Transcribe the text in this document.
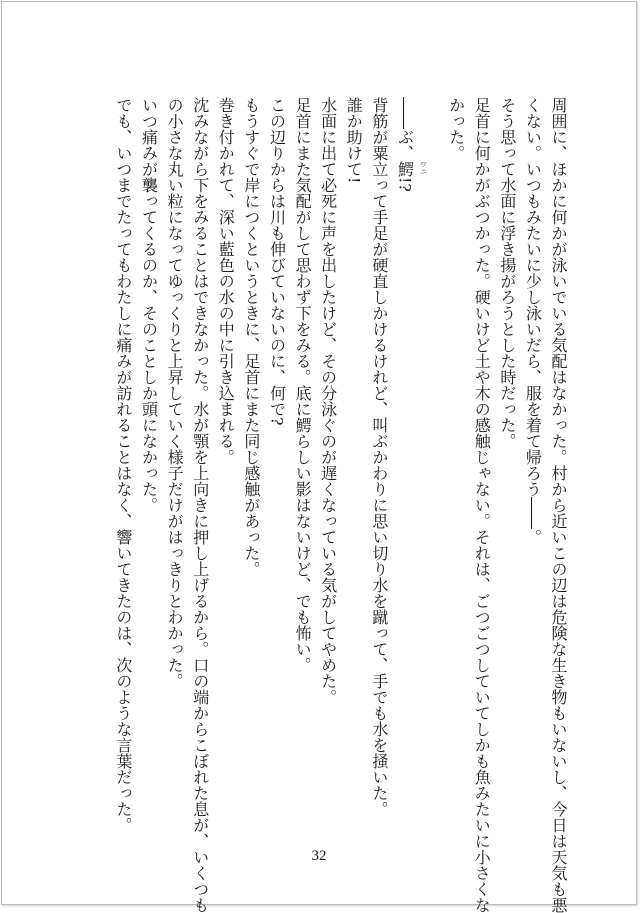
周囲に、ほかに何かが泳いでいる気配はなかった。村から近いこの辺は危険な生き物もいないし、今日は天気も悪
くない。いつもみたいに少し泳いだら、服を着て帰ろう――。
そう思って水面に浮き揚がろうとした時だった。
足首に何かがぶつかった。硬いけど土や木の感触じゃない。それは、ごつごつしていてしかも魚みたいに小さくな
かった。
――ぶ、鰐 ワニ
!?
背筋が粟立って手足が硬直しかけるけれど、叫ぶかわりに思い切り水を蹴って、手でも水を掻いた。
誰か助けて!
水面に出て必死に声を出したけど、その分泳ぐのが遅くなっている気がしてやめた。
足首にまた気配がして思わず下をみる。底に鰐らしい影はないけど、でも怖い。
この辺りからは川も伸びていないのに、何で?
もうすぐで岸につくというときに、足首にまた同じ感触があった。
巻き付かれて、深い藍色の水の中に引き込まれる。
沈みながら下をみることはできなかった。水が顎を上向きに押し上げるから。口の端からこぼれた息が、いくつも
の小さな丸い粒になってゆっくりと上昇していく様子だけがはっきりとわかった。
いつ痛みが襲ってくるのか、そのことしか頭になかった。
でも、いつまでたってもわたしに痛みが訪れることはなく、響いてきたのは、次のような言葉だった。
32
